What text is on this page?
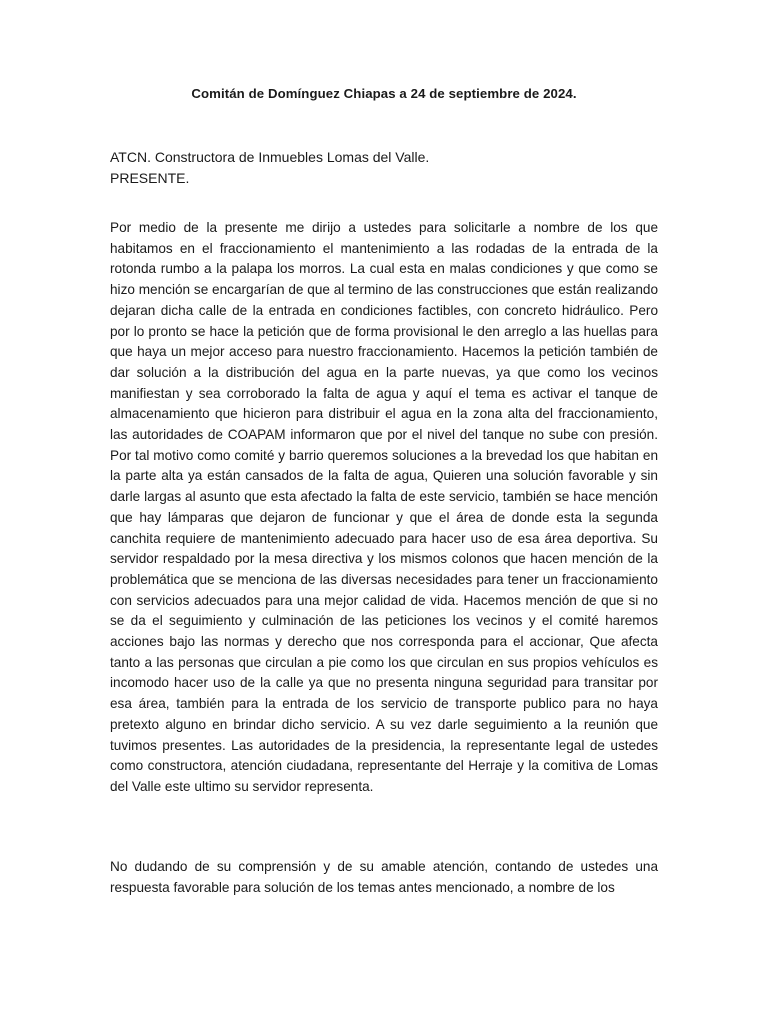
Comitán de Domínguez Chiapas a 24 de septiembre de 2024.
ATCN. Constructora de Inmuebles Lomas del Valle.
PRESENTE.

Por medio de la presente me dirijo a ustedes para solicitarle a nombre de los que habitamos en el fraccionamiento el mantenimiento a las rodadas de la entrada de la rotonda rumbo a la palapa los morros. La cual esta en malas condiciones y que como se hizo mención se encargarían de que al termino de las construcciones que están realizando dejaran dicha calle de la entrada en condiciones factibles, con concreto hidráulico. Pero por lo pronto se hace la petición que de forma provisional le den arreglo a las huellas para que haya un mejor acceso para nuestro fraccionamiento. Hacemos la petición también de dar solución a la distribución del agua en la parte nuevas, ya que como los vecinos manifiestan y sea corroborado la falta de agua y aquí el tema es activar el tanque de almacenamiento que hicieron para distribuir el agua en la zona alta del fraccionamiento, las autoridades de COAPAM informaron que por el nivel del tanque no sube con presión. Por tal motivo como comité y barrio queremos soluciones a la brevedad los que habitan en la parte alta ya están cansados de la falta de agua, Quieren una solución favorable y sin darle largas al asunto que esta afectado la falta de este servicio, también se hace mención que hay lámparas que dejaron de funcionar y que el área de donde esta la segunda canchita requiere de mantenimiento adecuado para hacer uso de esa área deportiva. Su servidor respaldado por la mesa directiva y los mismos colonos que hacen mención de la problemática que se menciona de las diversas necesidades para tener un fraccionamiento con servicios adecuados para una mejor calidad de vida. Hacemos mención de que si no se da el seguimiento y culminación de las peticiones los vecinos y el comité haremos acciones bajo las normas y derecho que nos corresponda para el accionar, Que afecta tanto a las personas que circulan a pie como los que circulan en sus propios vehículos es incomodo hacer uso de la calle ya que no presenta ninguna seguridad para transitar por esa área, también para la entrada de los servicio de transporte publico para no haya pretexto alguno en brindar dicho servicio. A su vez darle seguimiento a la reunión que tuvimos presentes. Las autoridades de la presidencia, la representante legal de ustedes como constructora, atención ciudadana, representante del Herraje y la comitiva de Lomas del Valle este ultimo su servidor representa.

No dudando de su comprensión y de su amable atención, contando de ustedes una respuesta favorable para solución de los temas antes mencionado, a nombre de los
